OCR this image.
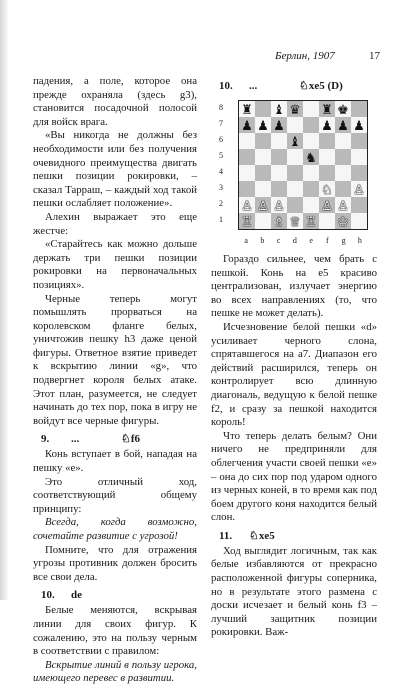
Берлин, 1907	17

падения, а поле, которое она прежде охраняла (здесь g3), становится посадочной полосой для войск врага.

«Вы никогда не должны без необходимости или без получения очевидного преимущества двигать пешки позиции рокировки, – сказал Тарраш, – каждый ход такой пешки ослабляет положение».

Алехин выражает это еще жестче:

«Старайтесь как можно дольше держать три пешки позиции рокировки на первоначальных позициях».

Черные теперь могут помышлять прорваться на королевском фланге белых, уничтожив пешку h3 даже ценой фигуры. Ответное взятие приведет к вскрытию линии «g», что подвергнет короля белых атаке. Этот план, разумеется, не следует начинать до тех пор, пока в игру не войдут все черные фигуры.

9.	...	♘f6

Конь вступает в бой, нападая на пешку «e».

Это отличный ход, соответствующий общему принципу:

Всегда, когда возможно, сочетайте развитие с угрозой!

Помните, что для отражения угрозы противник должен бросить все свои дела.

10.	de

Белые меняются, вскрывая линии для своих фигур. К сожалению, это на пользу черным в соответствии с правилом:

Вскрытие линий в пользу игрока, имеющего перевес в развитии.

10.	...	♘xe5 (D)
8
7
6
5
4
3
2
1
♜ ♝ ♛ ♜ ♚
♟ ♟ ♟	♟ ♟ ♟
♝
♞
♘ ♙
♙ ♙ ♙	♙ ♙
♖ ♗ ♕ ♖ ♔
a	b	c	d	e	f	g	h

Гораздо сильнее, чем брать с пешкой. Конь на e5 красиво централизован, излучает энергию во всех направлениях (то, что пешке не может делать).

Исчезновение белой пешки «d» усиливает черного слона, спрятавшегося на a7. Диапазон его действий расширился, теперь он контролирует всю длинную диагональ, ведущую к белой пешке f2, и сразу за пешкой находится король!

Что теперь делать белым? Они ничего не предприняли для облегчения участи своей пешки «e» – она до сих пор под ударом одного из черных коней, в то время как под боем другого коня находится белый слон.

11.	♘xe5

Ход выглядит логичным, так как белые избавляются от прекрасно расположенной фигуры соперника, но в результате этого размена с доски исчезает и белый конь f3 – лучший защитник позиции рокировки. Важ-
